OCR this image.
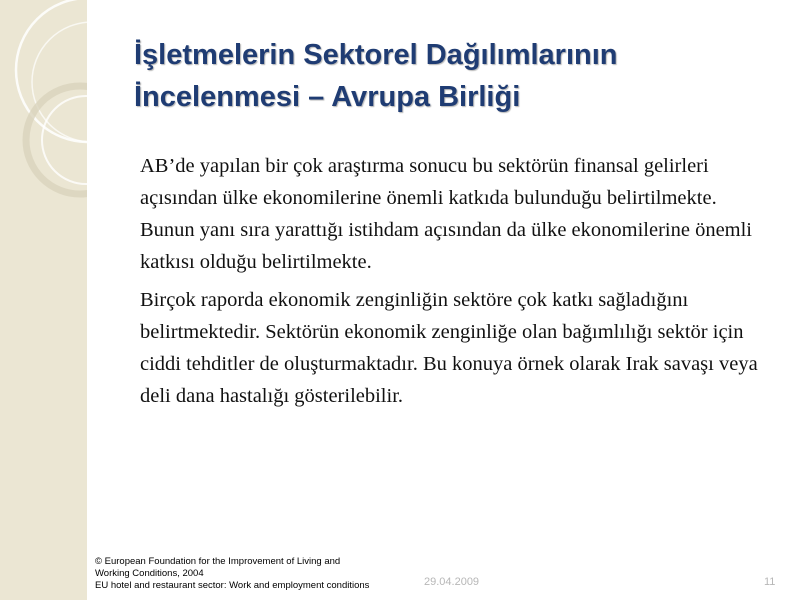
İşletmelerin Sektorel Dağılımlarının
İncelenmesi – Avrupa Birliği

AB’de yapılan bir çok araştırma sonucu bu sektörün finansal gelirleri açısından ülke ekonomilerine önemli katkıda bulunduğu belirtilmekte. Bunun yanı sıra yarattığı istihdam açısından da ülke ekonomilerine önemli katkısı olduğu belirtilmekte.

Birçok raporda ekonomik zenginliğin sektöre çok katkı sağladığını belirtmektedir. Sektörün ekonomik zenginliğe olan bağımlılığı sektör için ciddi tehditler de oluşturmaktadır. Bu konuya örnek olarak Irak savaşı veya deli dana hastalığı gösterilebilir.

© European Foundation for the Improvement of Living and
Working Conditions, 2004
EU hotel and restaurant sector: Work and employment conditions	29.04.2009	11
